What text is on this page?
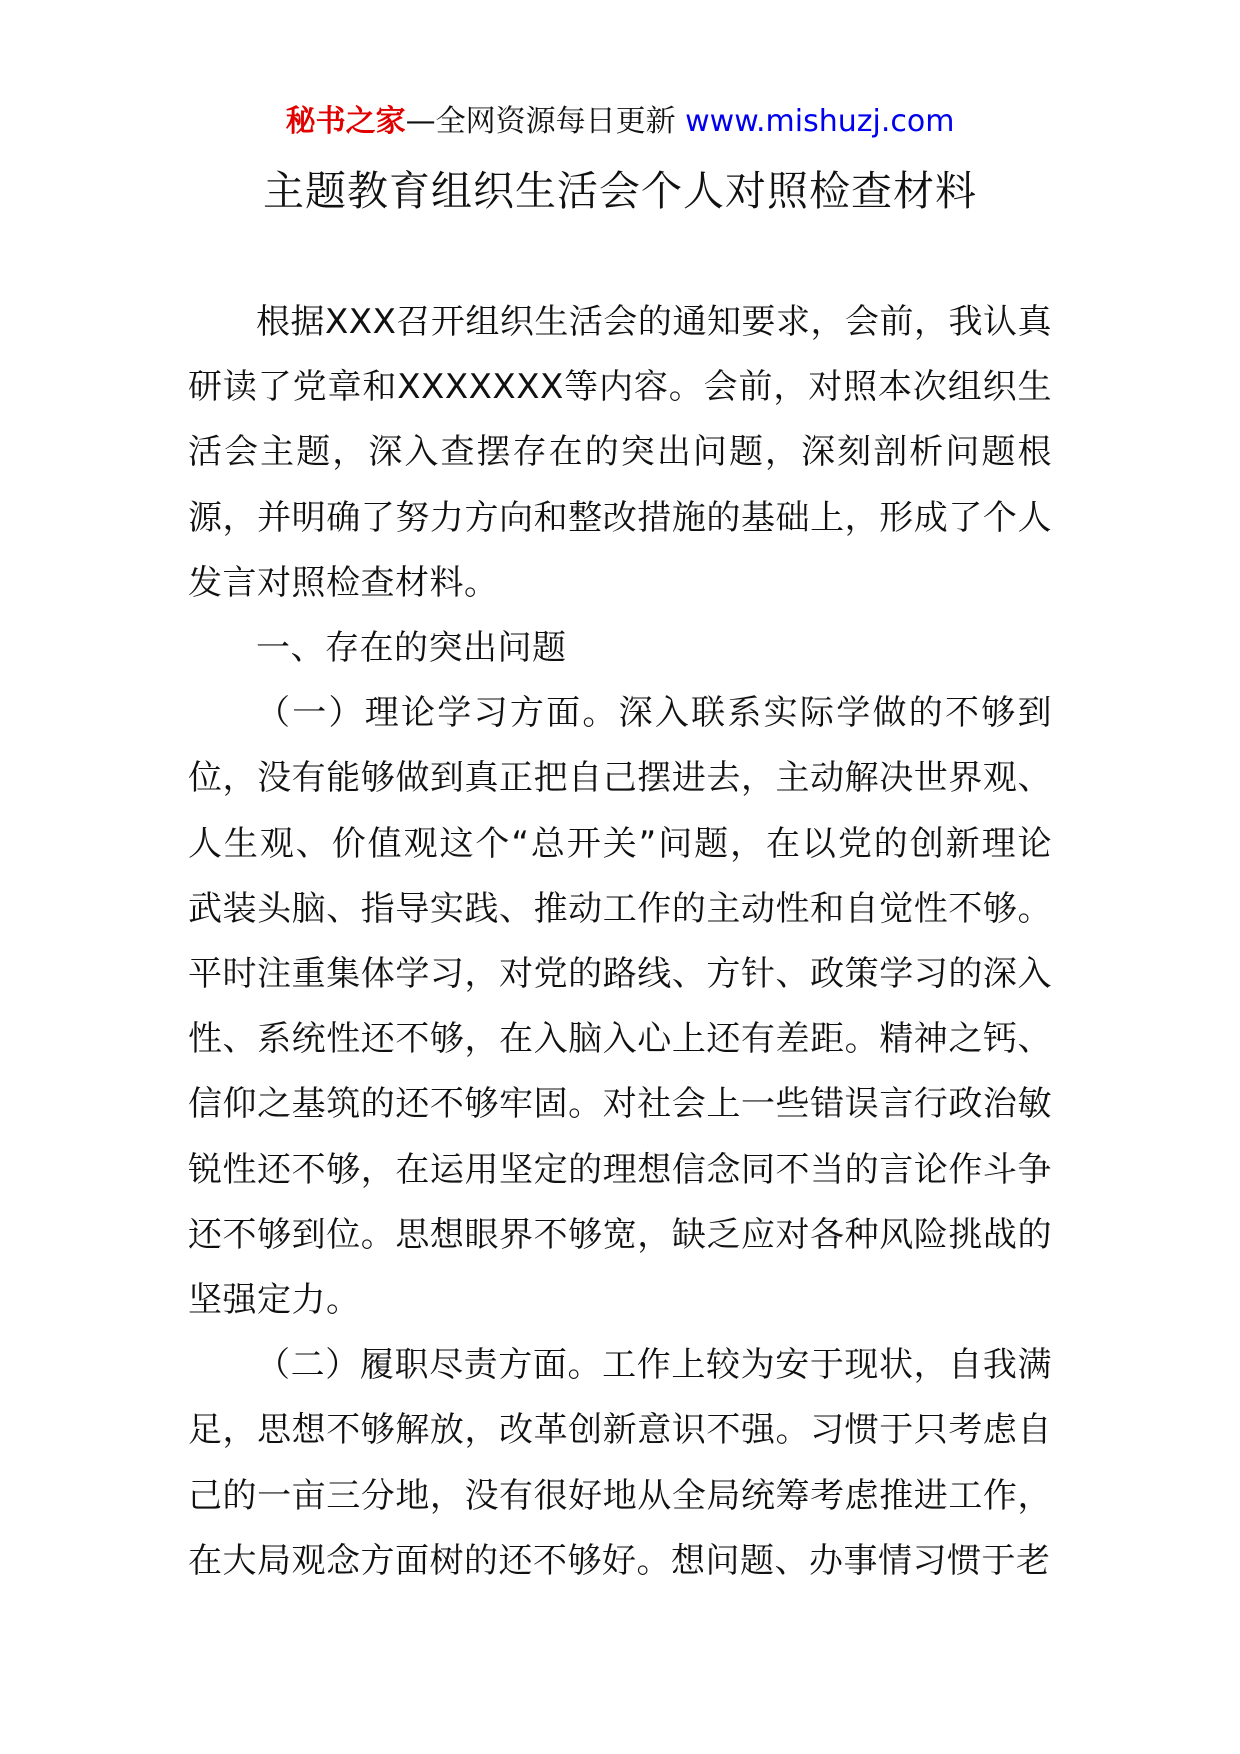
秘书之家—全网资源每日更新 www.mishuzj.com
主题教育组织生活会个人对照检查材料

根据XXX召开组织生活会的通知要求，会前，我认真研读了党章和XXXXXXX等内容。会前，对照本次组织生活会主题，深入查摆存在的突出问题，深刻剖析问题根源，并明确了努力方向和整改措施的基础上，形成了个人发言对照检查材料。

一、存在的突出问题

（一）理论学习方面。深入联系实际学做的不够到位，没有能够做到真正把自己摆进去，主动解决世界观、人生观、价值观这个“总开关”问题，在以党的创新理论武装头脑、指导实践、推动工作的主动性和自觉性不够。平时注重集体学习，对党的路线、方针、政策学习的深入性、系统性还不够，在入脑入心上还有差距。精神之钙、信仰之基筑的还不够牢固。对社会上一些错误言行政治敏锐性还不够，在运用坚定的理想信念同不当的言论作斗争还不够到位。思想眼界不够宽，缺乏应对各种风险挑战的坚强定力。

（二）履职尽责方面。工作上较为安于现状，自我满足，思想不够解放，改革创新意识不强。习惯于只考虑自己的一亩三分地，没有很好地从全局统筹考虑推进工作，在大局观念方面树的还不够好。想问题、办事情习惯于老
